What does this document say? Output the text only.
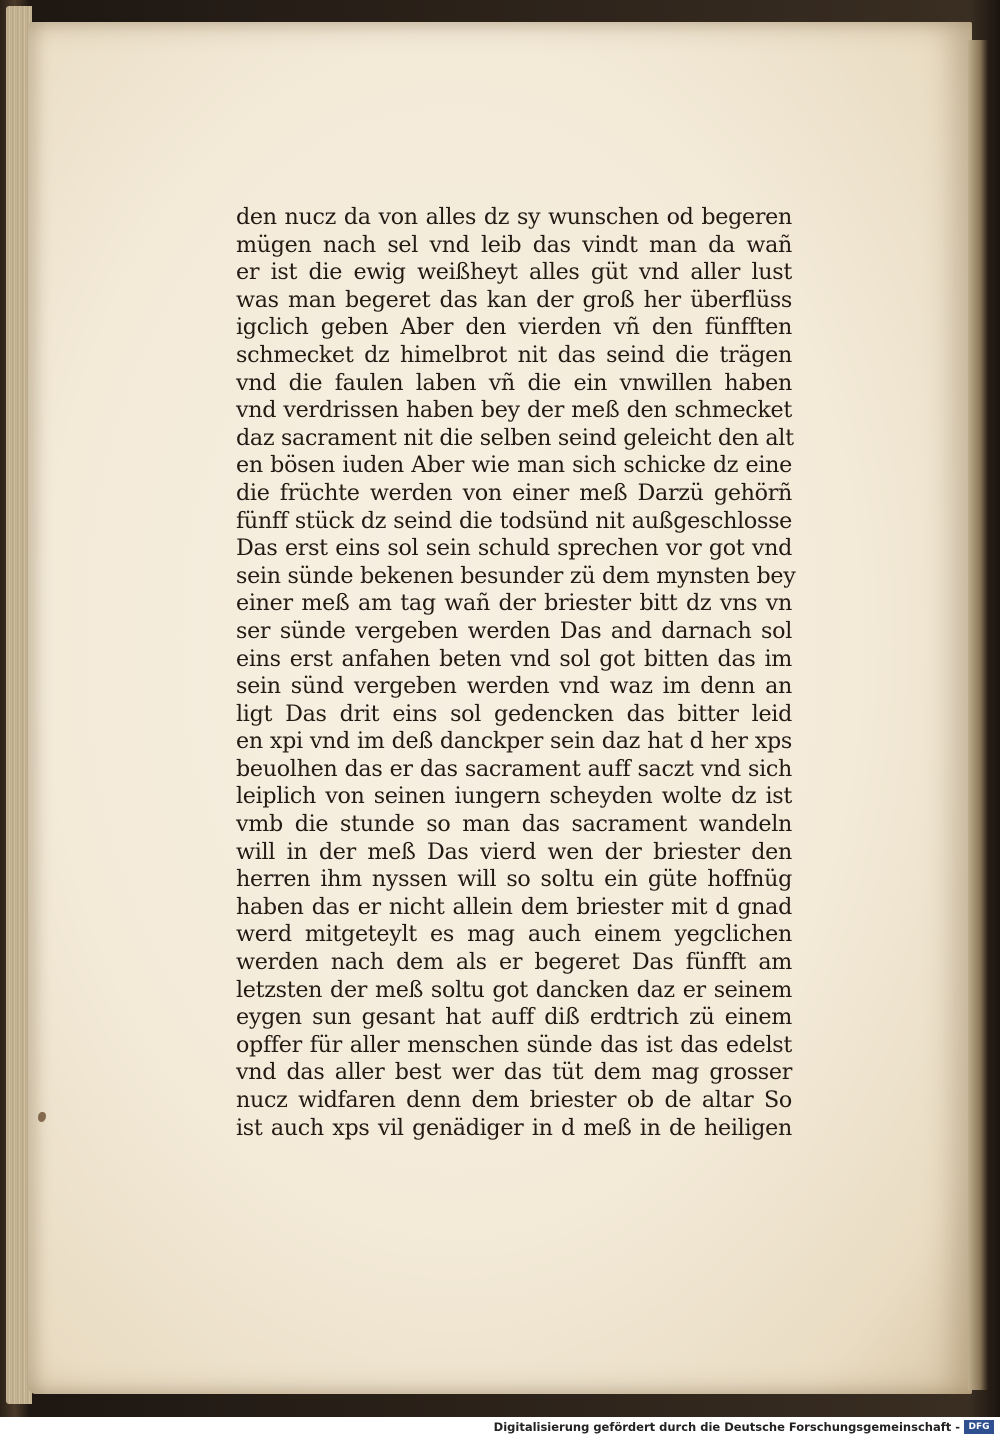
den nucz da von alles dz sy wunschen od begeren
mügen nach sel vnd leib das vindt man da wañ
er ist die ewig weißheyt alles güt vnd aller lust
was man begeret das kan der groß her überflüss
igclich geben Aber den vierden vñ den fünfften
schmecket dz himelbrot nit das seind die trägen
vnd die faulen laben vñ die ein vnwillen haben
vnd verdrissen haben bey der meß den schmecket
daz sacrament nit die selben seind geleicht den alt
en bösen iuden Aber wie man sich schicke dz eine
die früchte werden von einer meß Darzü gehörñ
fünff stück dz seind die todsünd nit außgeschlosse
Das erst eins sol sein schuld sprechen vor got vnd
sein sünde bekenen besunder zü dem mynsten bey
einer meß am tag wañ der briester bitt dz vns vn
ser sünde vergeben werden Das and darnach sol
eins erst anfahen beten vnd sol got bitten das im
sein sünd vergeben werden vnd waz im denn an
ligt Das drit eins sol gedencken das bitter leid
en xpi vnd im deß danckper sein daz hat d her xps
beuolhen das er das sacrament auff saczt vnd sich
leiplich von seinen iungern scheyden wolte dz ist
vmb die stunde so man das sacrament wandeln
will in der meß Das vierd wen der briester den
herren ihm nyssen will so soltu ein güte hoffnüg
haben das er nicht allein dem briester mit d gnad
werd mitgeteylt es mag auch einem yegclichen
werden nach dem als er begeret Das fünfft am
letzsten der meß soltu got dancken daz er seinem
eygen sun gesant hat auff diß erdtrich zü einem
opffer für aller menschen sünde das ist das edelst
vnd das aller best wer das tüt dem mag grosser
nucz widfaren denn dem briester ob de altar So
ist auch xps vil genädiger in d meß in de heiligen
Digitalisierung gefördert durch die Deutsche Forschungsgemeinschaft - DFG
